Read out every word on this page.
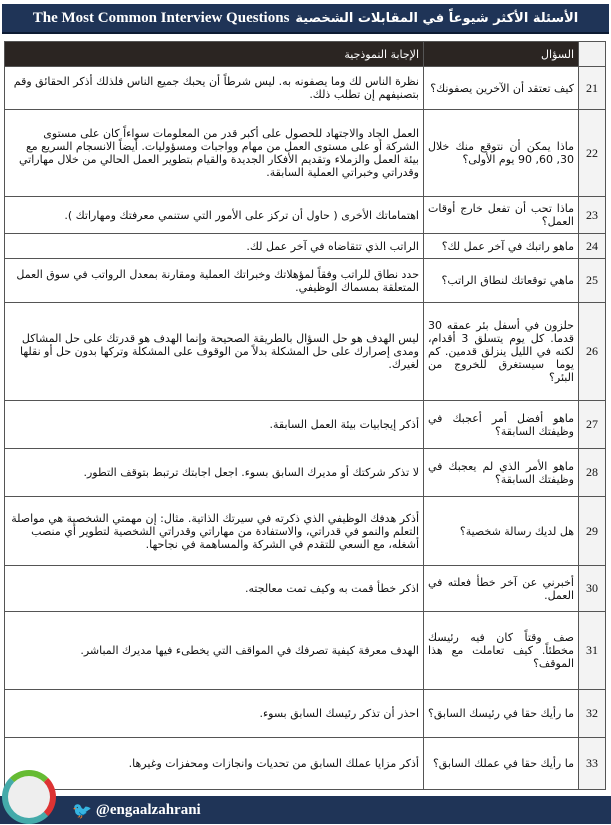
الأسئلة الأكثر شيوعاً في المقابلات الشخصية
The Most Common Interview Questions
	السؤال	الإجابة النموذجية
21	كيف تعتقد أن الآخرين يصفونك؟	نظرة الناس لك وما يصفونه به. ليس شرطاً أن يحبك جميع الناس فلذلك أذكر الحقائق وقم بتصنيفهم إن تطلب ذلك.
22	ماذا يمكن أن نتوقع منك خلال 30, 60, 90 يوم الأولى؟	العمل الجاد والاجتهاد للحصول على أكبر قدر من المعلومات سواءاً كان على مستوى الشركة أو على مستوى العمل من مهام وواجبات ومسؤوليات. أيضاً الانسجام السريع مع بيئة العمل والزملاء وتقديم الأفكار الجديدة والقيام بتطوير العمل الحالي من خلال مهاراتي وقدراتي وخبراتي العملية السابقة.
23	ماذا تحب أن تفعل خارج أوقات العمل؟	اهتماماتك الأخرى ( حاول أن تركز على الأمور التي ستنمي معرفتك ومهاراتك ).
24	ماهو راتبك في آخر عمل لك؟	الراتب الذي تتقاضاه في آخر عمل لك.
25	ماهي توقعاتك لنطاق الراتب؟	حدد نطاق للراتب وفقاً لمؤهلاتك وخبراتك العملية ومقارنة بمعدل الرواتب في سوق العمل المتعلقة بمسماك الوظيفي.
26	حلزون في أسفل بئر عمقه 30 قدما. كل يوم يتسلق 3 أقدام، لكنه في الليل ينزلق قدمين. كم يوما سيستغرق للخروج من البئر؟	ليس الهدف هو حل السؤال بالطريقة الصحيحة وإنما الهدف هو قدرتك على حل المشاكل ومدى إصرارك على حل المشكلة بدلاً من الوقوف على المشكلة وتركها بدون حل أو نقلها لغيرك.
27	ماهو أفضل أمر أعجبك في وظيفتك السابقة؟	أذكر إيجابيات بيئة العمل السابقة.
28	ماهو الأمر الذي لم يعجبك في وظيفتك السابقة؟	لا تذكر شركتك أو مديرك السابق بسوء. اجعل اجابتك ترتبط بتوقف التطور.
29	هل لديك رسالة شخصية؟	أذكر هدفك الوظيفي الذي ذكرته في سيرتك الذاتية. مثال: إن مهمتي الشخصية هي مواصلة التعلم والنمو في قدراتي، والاستفادة من مهاراتي وقدراتي الشخصية لتطوير أي منصب أشغله، مع السعي للتقدم في الشركة والمساهمة في نجاحها.
30	أخبرني عن آخر خطأ فعلته في العمل.	اذكر خطأ قمت به وكيف تمت معالجته.
31	صف وقتاً كان فيه رئيسك مخطئاً. كيف تعاملت مع هذا الموقف؟	الهدف معرفة كيفية تصرفك في المواقف التي يخطىء فيها مديرك المباشر.
32	ما رأيك حقا في رئيسك السابق؟	احذر أن تذكر رئيسك السابق بسوء.
33	ما رأيك حقا في عملك السابق؟	أذكر مزايا عملك السابق من تحديات وانجازات ومحفزات وغيرها.
🐦 @engaalzahrani
